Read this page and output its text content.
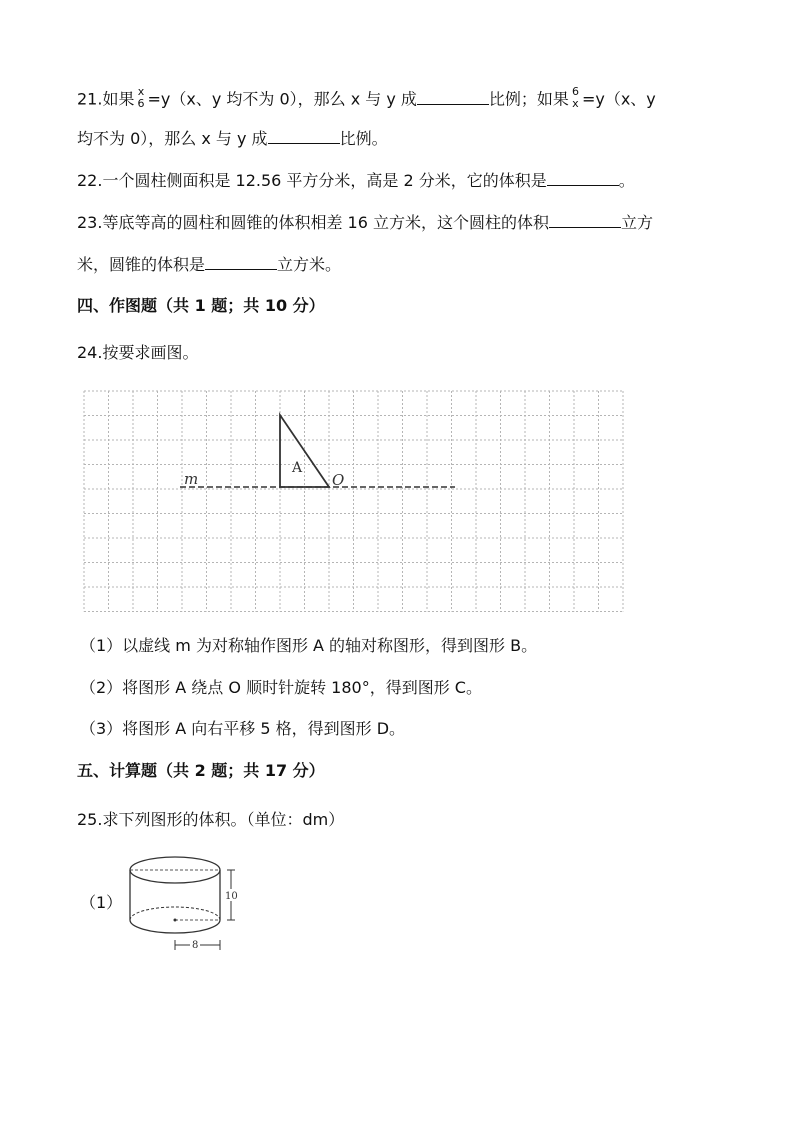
21.如果 x
6 =y（x、y 均不为 0），那么 x 与 y 成	比例；如果 6
x =y（x、y
均不为 0），那么 x 与 y 成	比例。
22.一个圆柱侧面积是 12.56 平方分米，高是 2 分米，它的体积是	。
23.等底等高的圆柱和圆锥的体积相差 16 立方米，这个圆柱的体积	立方
米，圆锥的体积是	立方米。
四、作图题（共 1 题；共 10 分）
24.按要求画图。
m
A
O
（1）以虚线 m 为对称轴作图形 A 的轴对称图形，得到图形 B。
（2）将图形 A 绕点 O 顺时针旋转 180°，得到图形 C。
（3）将图形 A 向右平移 5 格，得到图形 D。
五、计算题（共 2 题；共 17 分）
25.求下列图形的体积。（单位：dm）
（1）	10
8
